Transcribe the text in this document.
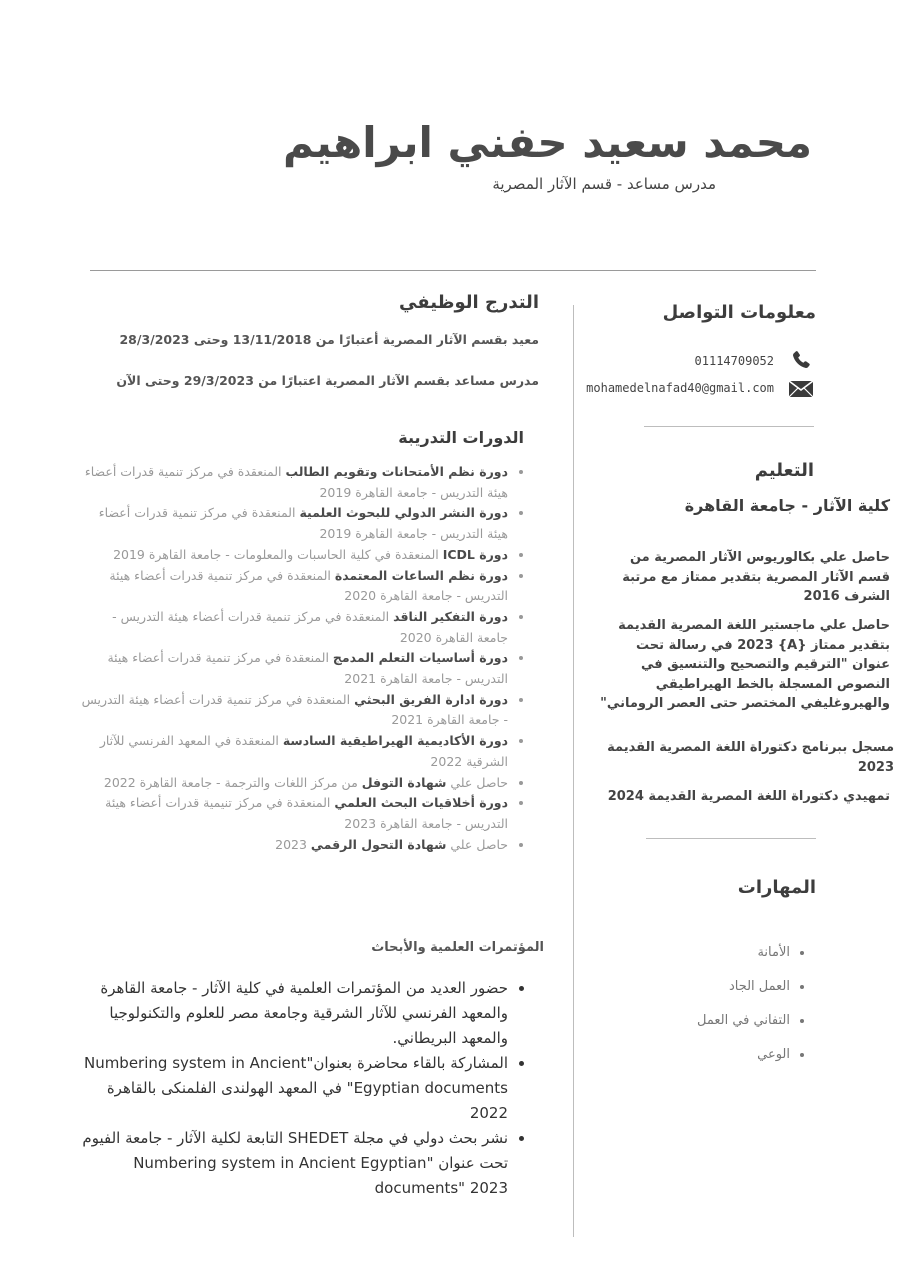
محمد سعيد حفني ابراهيم
مدرس مساعد - قسم الآثار المصرية
التدرج الوظيفي
معيد بقسم الآثار المصرية أعتبارًا من 13/11/2018 وحتى 28/3/2023
مدرس مساعد بقسم الآثار المصرية اعتبارًا من 29/3/2023 وحتى الآن
الدورات التدريبة
• دورة نظم الأمتحانات وتقويم الطالب المنعقدة في مركز تنمية قدرات أعضاء هيئة التدريس - جامعة القاهرة 2019
• دورة النشر الدولي للبحوث العلمية المنعقدة في مركز تنمية قدرات أعضاء هيئة التدريس - جامعة القاهرة 2019
• دورة ICDL المنعقدة في كلية الحاسبات والمعلومات - جامعة القاهرة 2019
• دورة نظم الساعات المعتمدة المنعقدة في مركز تنمية قدرات أعضاء هيئة التدريس - جامعة القاهرة 2020
• دورة التفكير الناقد المنعقدة في مركز تنمية قدرات أعضاء هيئة التدريس - جامعة القاهرة 2020
• دورة أساسيات التعلم المدمج المنعقدة في مركز تنمية قدرات أعضاء هيئة التدريس - جامعة القاهرة 2021
• دورة ادارة الفريق البحثي المنعقدة في مركز تنمية قدرات أعضاء هيئة التدريس - جامعة القاهرة 2021
• دورة الأكاديمية الهيراطيقية السادسة المنعقدة في المعهد الفرنسي للآثار الشرقية 2022
• حاصل علي شهادة التوفل من مركز اللغات والترجمة - جامعة القاهرة 2022
• دورة أخلاقيات البحث العلمي المنعقدة في مركز تنيمية قدرات أعضاء هيئة التدريس - جامعة القاهرة 2023
• حاصل علي شهادة التحول الرقمي 2023
المؤتمرات العلمية والأبحاث
• حضور العديد من المؤتمرات العلمية في كلية الآثار - جامعة القاهرة والمعهد الفرنسي للآثار الشرقية وجامعة مصر للعلوم والتكنولوجيا والمعهد البريطاني.
• المشاركة بالقاء محاضرة بعنوان"Numbering system in Ancient Egyptian documents" في المعهد الهولندى الفلمنكى بالقاهرة 2022
• نشر بحث دولي في مجلة SHEDET التابعة لكلية الآثار - جامعة الفيوم تحت عنوان "Numbering system in Ancient Egyptian documents" 2023
معلومات التواصل
01114709052
mohamedelnafad40@gmail.com
التعليم
كلية الآثار - جامعة القاهرة
حاصل علي بكالوريوس الآثار المصرية من قسم الآثار المصرية بتقدير ممتاز مع مرتبة الشرف 2016
حاصل علي ماجستير اللغة المصرية القديمة بتقدير ممتاز {A} 2023 في رسالة تحت عنوان "الترقيم والتصحيح والتنسيق في النصوص المسجلة بالخط الهيراطيقي والهيروغليفي المختصر حتى العصر الروماني"
مسجل ببرنامج دكتوراة اللغة المصرية القديمة 2023
تمهيدي دكتوراة اللغة المصرية القديمة 2024
المهارات
• الأمانة
• العمل الجاد
• التفاني في العمل
• الوعي
